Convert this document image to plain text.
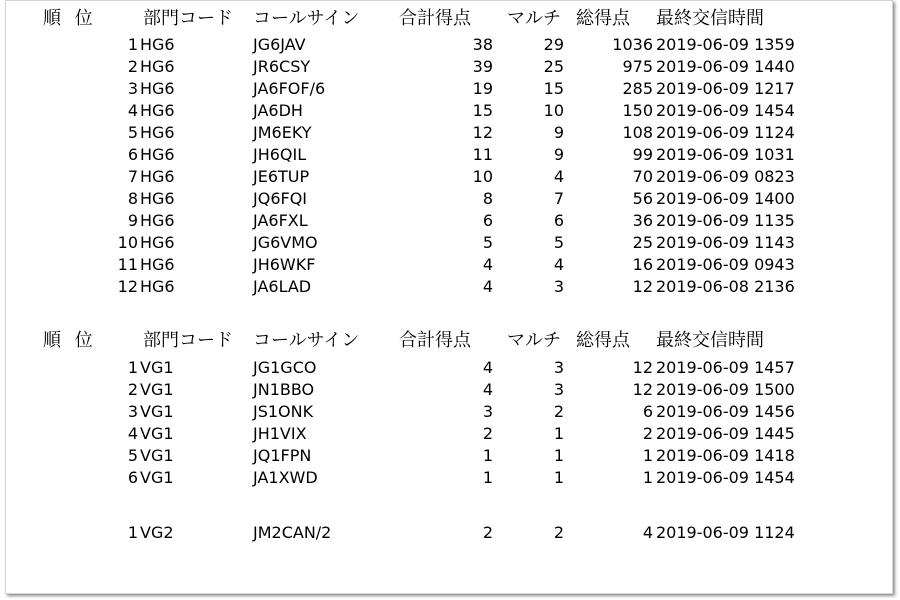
順 位	部門コード コールサイン 合計得点 マルチ 総得点 最終交信時間
1 HG6	JG6JAV	38	29	1036 2019-06-09 1359
2 HG6	JR6CSY	39	25	975 2019-06-09 1440
3 HG6	JA6FOF/6	19	15	285 2019-06-09 1217
4 HG6	JA6DH	15	10	150 2019-06-09 1454
5 HG6	JM6EKY	12	9	108 2019-06-09 1124
6 HG6	JH6QIL	11	9	99 2019-06-09 1031
7 HG6	JE6TUP	10	4	70 2019-06-09 0823
8 HG6	JQ6FQI	8	7	56 2019-06-09 1400
9 HG6	JA6FXL	6	6	36 2019-06-09 1135
10 HG6	JG6VMO	5	5	25 2019-06-09 1143
11 HG6	JH6WKF	4	4	16 2019-06-09 0943
12 HG6	JA6LAD	4	3	12 2019-06-08 2136
順 位	部門コード コールサイン 合計得点 マルチ 総得点 最終交信時間
1 VG1	JG1GCO	4	3	12 2019-06-09 1457
2 VG1	JN1BBO	4	3	12 2019-06-09 1500
3 VG1	JS1ONK	3	2	6 2019-06-09 1456
4 VG1	JH1VIX	2	1	2 2019-06-09 1445
5 VG1	JQ1FPN	1	1	1 2019-06-09 1418
6 VG1	JA1XWD	1	1	1 2019-06-09 1454
1 VG2	JM2CAN/2	2	2	4 2019-06-09 1124
